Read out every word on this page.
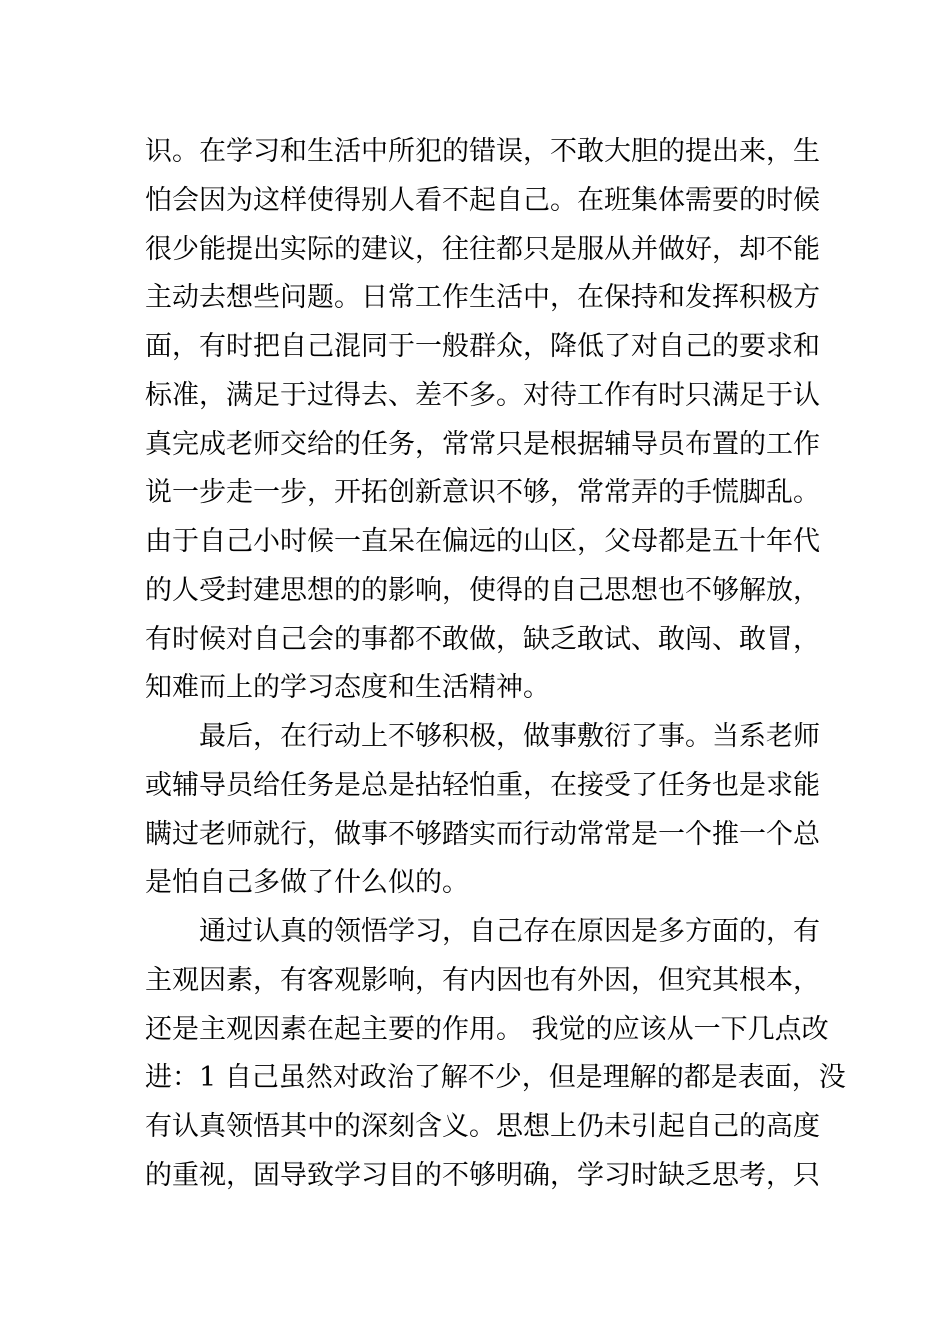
识。在学习和生活中所犯的错误，不敢大胆的提出来，生
怕会因为这样使得别人看不起自己。在班集体需要的时候
很少能提出实际的建议，往往都只是服从并做好，却不能
主动去想些问题。日常工作生活中，在保持和发挥积极方
面，有时把自己混同于一般群众，降低了对自己的要求和
标准，满足于过得去、差不多。对待工作有时只满足于认
真完成老师交给的任务，常常只是根据辅导员布置的工作
说一步走一步，开拓创新意识不够，常常弄的手慌脚乱。
由于自己小时候一直呆在偏远的山区，父母都是五十年代
的人受封建思想的的影响，使得的自己思想也不够解放，
有时候对自己会的事都不敢做，缺乏敢试、敢闯、敢冒，
知难而上的学习态度和生活精神。
最后，在行动上不够积极，做事敷衍了事。当系老师
或辅导员给任务是总是拈轻怕重，在接受了任务也是求能
瞒过老师就行，做事不够踏实而行动常常是一个推一个总
是怕自己多做了什么似的。
通过认真的领悟学习，自己存在原因是多方面的，有
主观因素，有客观影响，有内因也有外因，但究其根本，
还是主观因素在起主要的作用。 我觉的应该从一下几点改
进：1 自己虽然对政治了解不少，但是理解的都是表面，没
有认真领悟其中的深刻含义。思想上仍未引起自己的高度
的重视，固导致学习目的不够明确，学习时缺乏思考，只
